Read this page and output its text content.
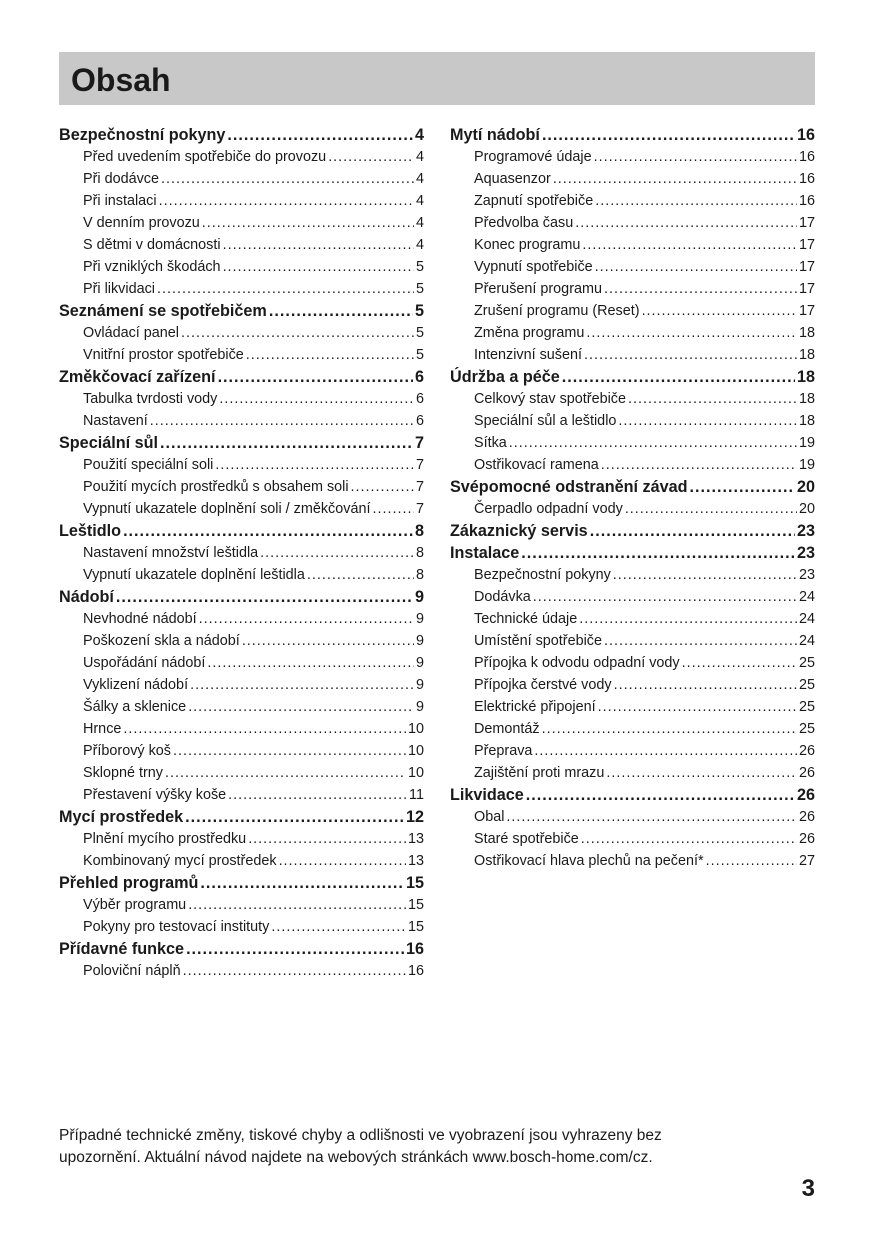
Obsah
Bezpečnostní pokyny .....	4
Před uvedením spotřebiče do provozu .....	4
Při dodávce .....	4
Při instalaci .....	4
V denním provozu .....	4
S dětmi v domácnosti .....	4
Při vzniklých škodách .....	5
Při likvidaci .....	5
Seznámení se spotřebičem .....	5
Ovládací panel .....	5
Vnitřní prostor spotřebiče .....	5
Změkčovací zařízení .....	6
Tabulka tvrdosti vody .....	6
Nastavení .....	6
Speciální sůl .....	7
Použití speciální soli .....	7
Použití mycích prostředků s obsahem soli .....	7
Vypnutí ukazatele doplnění soli / změkčování .....	7
Leštidlo .....	8
Nastavení množství leštidla .....	8
Vypnutí ukazatele doplnění leštidla .....	8
Nádobí .....	9
Nevhodné nádobí .....	9
Poškození skla a nádobí .....	9
Uspořádání nádobí .....	9
Vyklizení nádobí .....	9
Šálky a sklenice .....	9
Hrnce .....	10
Příborový koš .....	10
Sklopné trny .....	10
Přestavení výšky koše .....	11
Mycí prostředek .....	12
Plnění mycího prostředku .....	13
Kombinovaný mycí prostředek .....	13
Přehled programů .....	15
Výběr programu .....	15
Pokyny pro testovací instituty .....	15
Přídavné funkce .....	16
Poloviční náplň .....	16
Mytí nádobí .....	16
Programové údaje .....	16
Aquasenzor .....	16
Zapnutí spotřebiče .....	16
Předvolba času .....	17
Konec programu .....	17
Vypnutí spotřebiče .....	17
Přerušení programu .....	17
Zrušení programu (Reset) .....	17
Změna programu .....	18
Intenzivní sušení .....	18
Údržba a péče .....	18
Celkový stav spotřebiče .....	18
Speciální sůl a leštidlo .....	18
Sítka .....	19
Ostřikovací ramena .....	19
Svépomocné odstranění závad .....	20
Čerpadlo odpadní vody .....	20
Zákaznický servis .....	23
Instalace .....	23
Bezpečnostní pokyny .....	23
Dodávka .....	24
Technické údaje .....	24
Umístění spotřebiče .....	24
Přípojka k odvodu odpadní vody .....	25
Přípojka čerstvé vody .....	25
Elektrické připojení .....	25
Demontáž .....	25
Přeprava .....	26
Zajištění proti mrazu .....	26
Likvidace .....	26
Obal .....	26
Staré spotřebiče .....	26
Ostřikovací hlava plechů na pečení* .....	27
Případné technické změny, tiskové chyby a odlišnosti ve vyobrazení jsou vyhrazeny bez
upozornění. Aktuální návod najdete na webových stránkách www.bosch-home.com/cz.
3
